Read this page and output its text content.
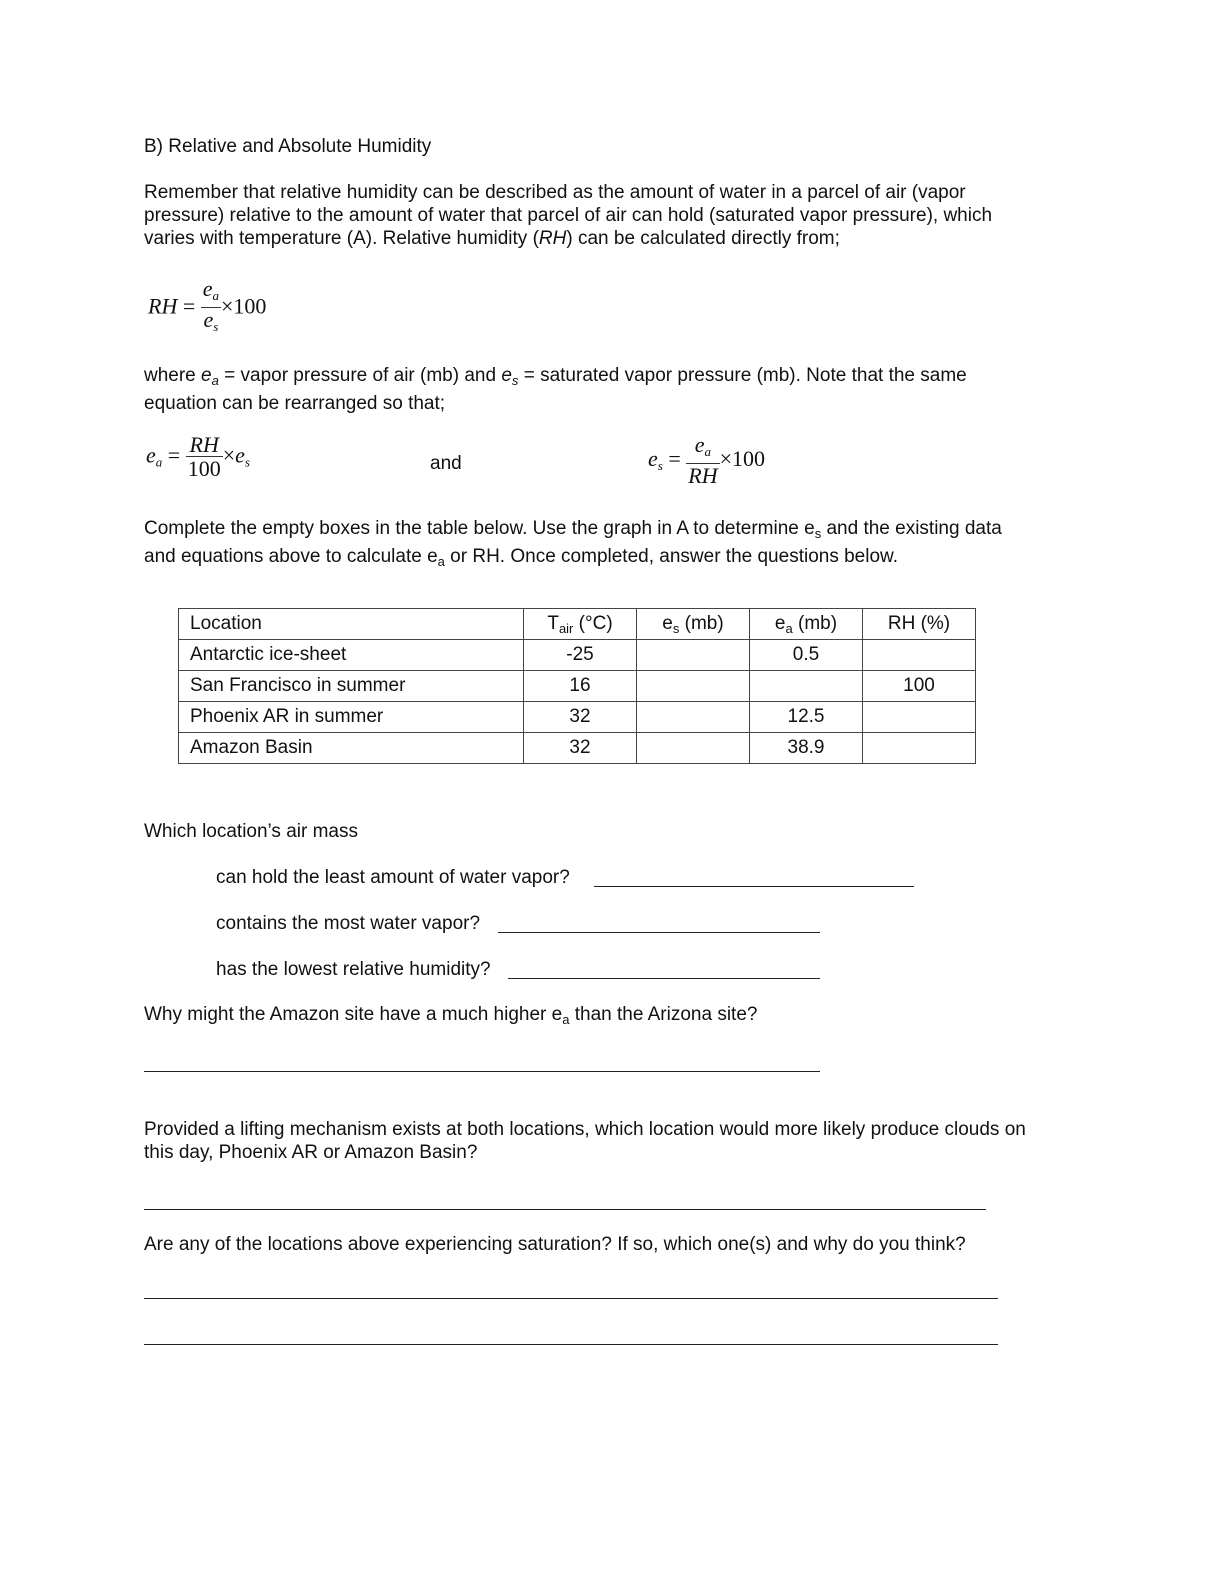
B) Relative and Absolute Humidity
Remember that relative humidity can be described as the amount of water in a parcel of air (vapor
pressure) relative to the amount of water that parcel of air can hold (saturated vapor pressure), which
varies with temperature (A). Relative humidity (RH) can be calculated directly from;
RH = $\frac{e_a}{e_s} \times 100$
where $e_a$ = vapor pressure of air (mb) and $e_s$ = saturated vapor pressure (mb). Note that the same
equation can be rearranged so that;
$e_a = \frac{RH}{100} \times e_s$	and	$e_s = \frac{e_a}{RH} \times 100$
Complete the empty boxes in the table below. Use the graph in A to determine $e_s$ and the existing data
and equations above to calculate $e_a$ or RH. Once completed, answer the questions below.
Location	$T_{air}$ (°C)	$e_s$ (mb)	$e_a$ (mb)	RH (%)
Antarctic ice-sheet	-25		0.5	
San Francisco in summer	16			100
Phoenix AR in summer	32		12.5	
Amazon Basin	32		38.9	
Which location’s air mass
can hold the least amount of water vapor?
contains the most water vapor?
has the lowest relative humidity?
Why might the Amazon site have a much higher $e_a$ than the Arizona site?
Provided a lifting mechanism exists at both locations, which location would more likely produce clouds on
this day, Phoenix AR or Amazon Basin?
Are any of the locations above experiencing saturation? If so, which one(s) and why do you think?
